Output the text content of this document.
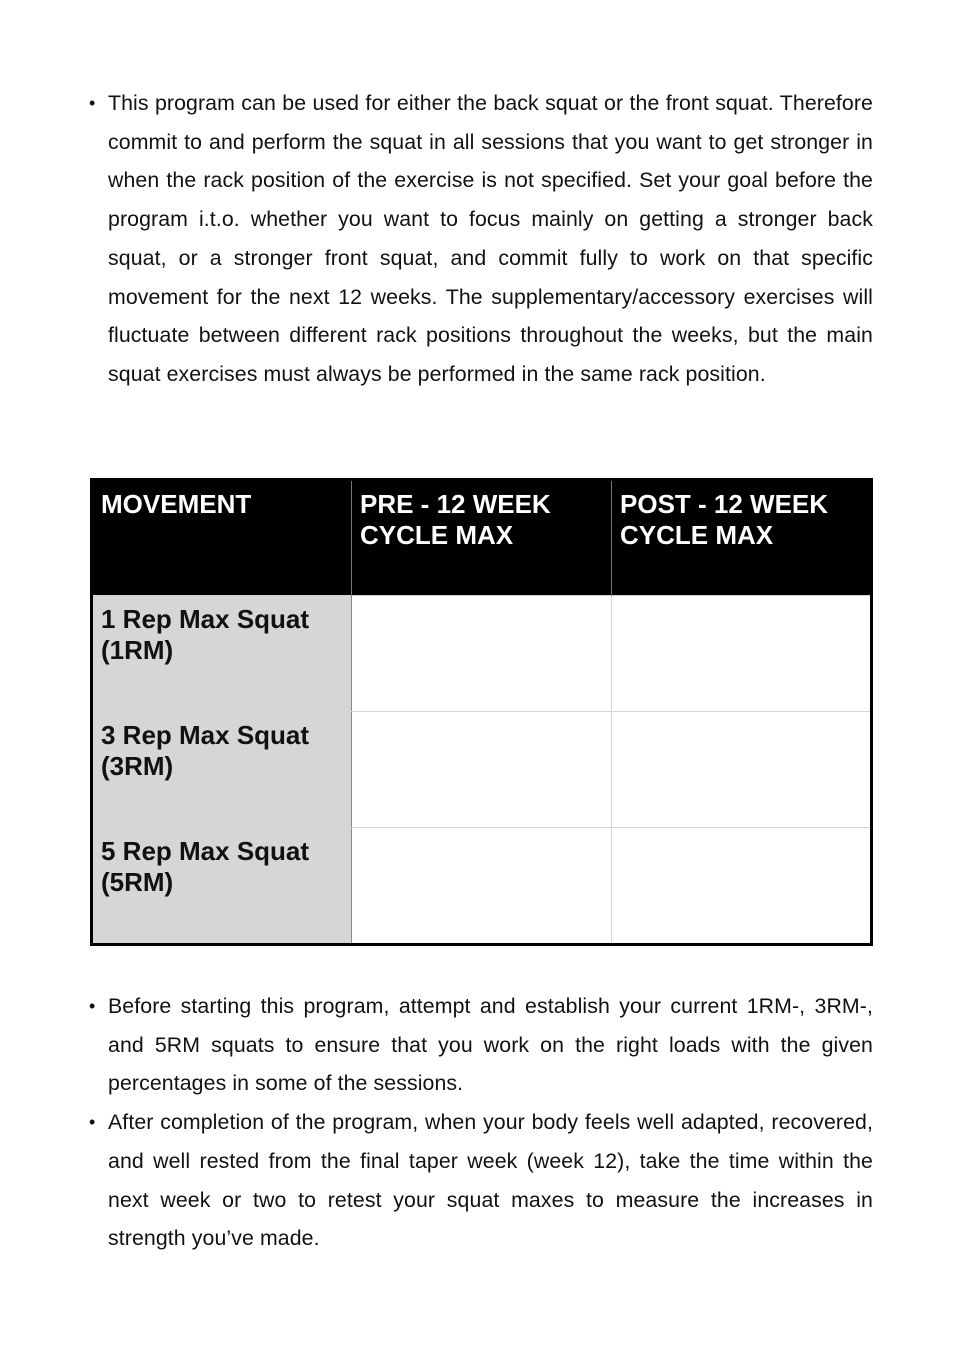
• This program can be used for either the back squat or the front squat. Therefore commit to and perform the squat in all sessions that you want to get stronger in when the rack position of the exercise is not specified. Set your goal before the program i.t.o. whether you want to focus mainly on getting a stronger back squat, or a stronger front squat, and commit fully to work on that specific movement for the next 12 weeks. The supplementary/accessory exercises will fluctuate between different rack positions throughout the weeks, but the main squat exercises must always be performed in the same rack position.
MOVEMENT	PRE - 12 WEEK CYCLE MAX	POST - 12 WEEK CYCLE MAX
1 Rep Max Squat (1RM)		
3 Rep Max Squat (3RM)		
5 Rep Max Squat (5RM)		
• Before starting this program, attempt and establish your current 1RM-, 3RM-, and 5RM squats to ensure that you work on the right loads with the given percentages in some of the sessions.
• After completion of the program, when your body feels well adapted, recovered, and well rested from the final taper week (week 12), take the time within the next week or two to retest your squat maxes to measure the increases in strength you’ve made.
